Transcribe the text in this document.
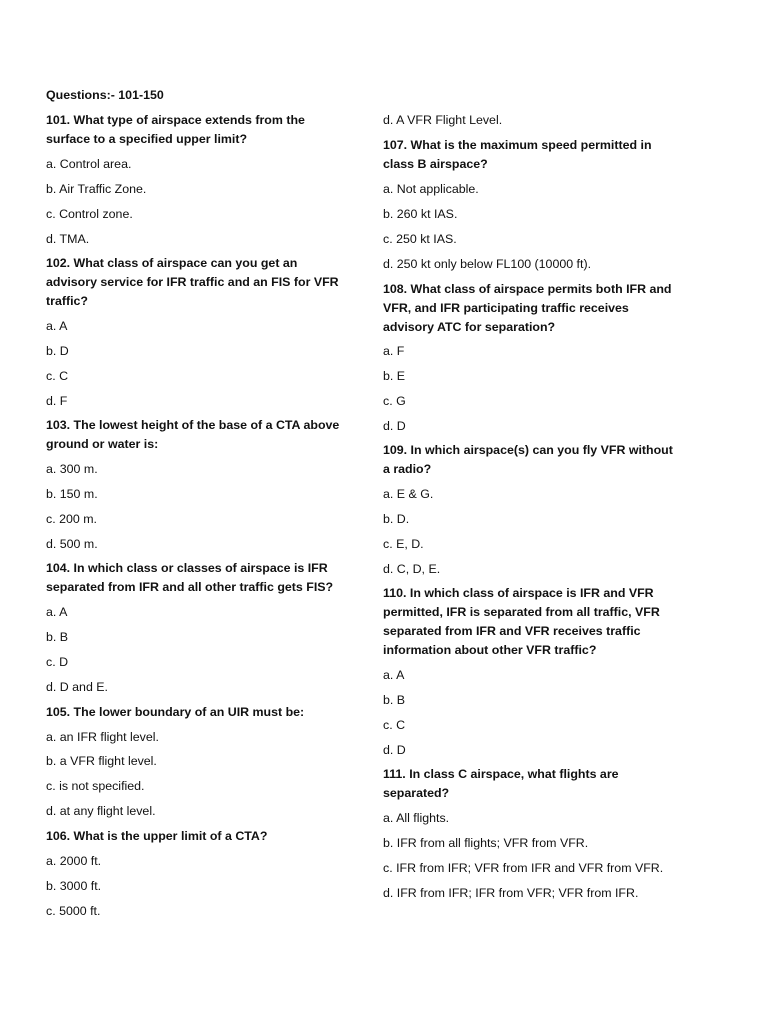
Questions:- 101-150
101. What type of airspace extends from the surface to a specified upper limit?
a. Control area.
b. Air Traffic Zone.
c. Control zone.
d. TMA.
102. What class of airspace can you get an advisory service for IFR traffic and an FIS for VFR traffic?
a. A
b. D
c. C
d. F
103. The lowest height of the base of a CTA above ground or water is:
a. 300 m.
b. 150 m.
c. 200 m.
d. 500 m.
104. In which class or classes of airspace is IFR separated from IFR and all other traffic gets FIS?
a. A
b. B
c. D
d. D and E.
105. The lower boundary of an UIR must be:
a. an IFR flight level.
b. a VFR flight level.
c. is not specified.
d. at any flight level.
106. What is the upper limit of a CTA?
a. 2000 ft.
b. 3000 ft.
c. 5000 ft.
d. A VFR Flight Level.
107. What is the maximum speed permitted in class B airspace?
a. Not applicable.
b. 260 kt IAS.
c. 250 kt IAS.
d. 250 kt only below FL100 (10000 ft).
108. What class of airspace permits both IFR and VFR, and IFR participating traffic receives advisory ATC for separation?
a. F
b. E
c. G
d. D
109. In which airspace(s) can you fly VFR without a radio?
a. E & G.
b. D.
c. E, D.
d. C, D, E.
110. In which class of airspace is IFR and VFR permitted, IFR is separated from all traffic, VFR separated from IFR and VFR receives traffic information about other VFR traffic?
a. A
b. B
c. C
d. D
111. In class C airspace, what flights are separated?
a. All flights.
b. IFR from all flights; VFR from VFR.
c. IFR from IFR; VFR from IFR and VFR from VFR.
d. IFR from IFR; IFR from VFR; VFR from IFR.
